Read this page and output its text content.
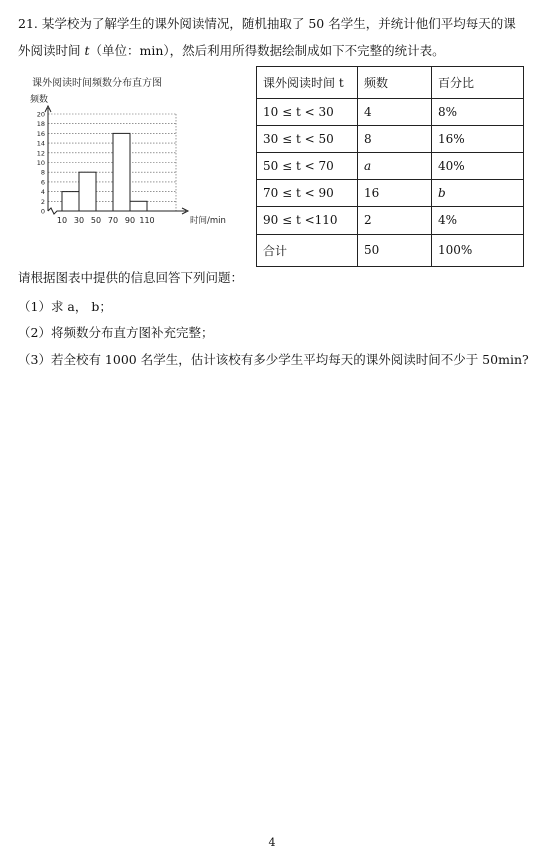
21. 某学校为了解学生的课外阅读情况，随机抽取了 50 名学生，并统计他们平均每天的课
外阅读时间 t（单位：min），然后利用所得数据绘制成如下不完整的统计表。
课外阅读时间频数分布直方图
频数
0
2
4
6
8
10
12
14
16
18
20
10 30 50 70 90 110	时间/min
课外阅读时间 t	频数	百分比
10 ≤ t < 30	4	8%
30 ≤ t < 50	8	16%
50 ≤ t < 70	a	40%
70 ≤ t < 90	16	b
90 ≤ t <110	2	4%
合计	50	100%
请根据图表中提供的信息回答下列问题：
（1）求 a， b；
（2）将频数分布直方图补充完整；
（3）若全校有 1000 名学生，估计该校有多少学生平均每天的课外阅读时间不少于 50min?
4
